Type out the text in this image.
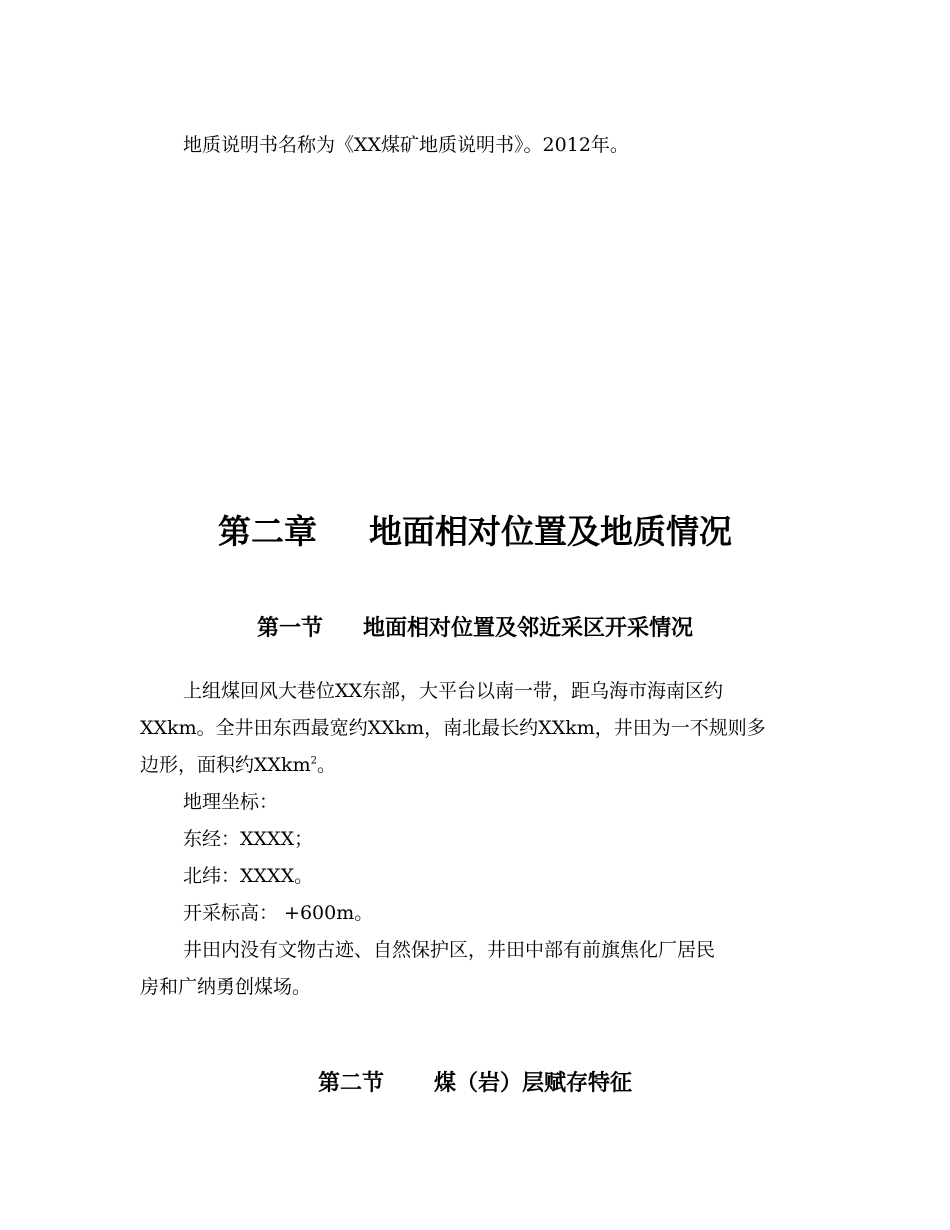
地质说明书名称为《XX煤矿地质说明书》。2012年。
第二章 地面相对位置及地质情况
第一节 地面相对位置及邻近采区开采情况
上组煤回风大巷位XX东部，大平台以南一带，距乌海市海南区约
XXkm。全井田东西最宽约XXkm，南北最长约XXkm，井田为一不规则多
边形，面积约XXkm$^2$。
地理坐标：
东经：XXXX；
北纬：XXXX。
开采标高： +600m。
井田内没有文物古迹、自然保护区，井田中部有前旗焦化厂居民
房和广纳勇创煤场。
第二节 煤（岩）层赋存特征
